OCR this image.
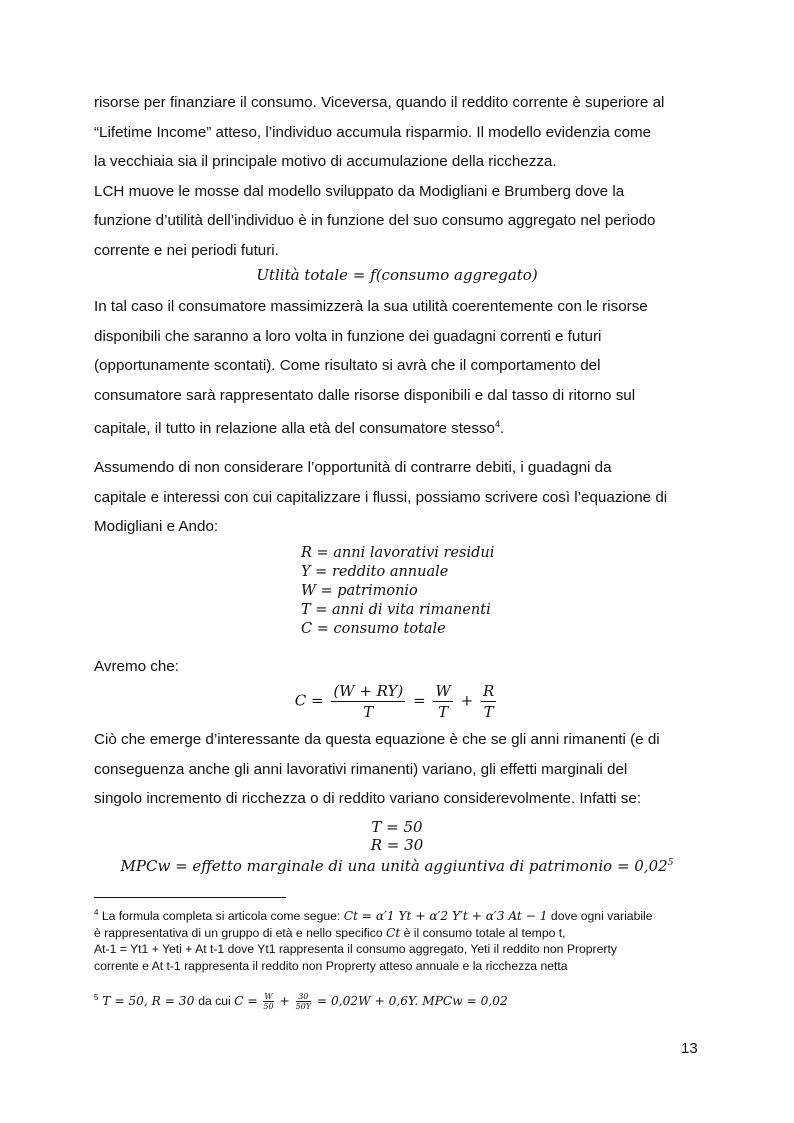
risorse per finanziare il consumo. Viceversa, quando il reddito corrente è superiore al

“Lifetime Income” atteso, l’individuo accumula risparmio. Il modello evidenzia come

la vecchiaia sia il principale motivo di accumulazione della ricchezza.

LCH muove le mosse dal modello sviluppato da Modigliani e Brumberg dove la

funzione d’utilità dell’individuo è in funzione del suo consumo aggregato nel periodo

corrente e nei periodi futuri.

Utlità totale = f(consumo aggregato)

In tal caso il consumatore massimizzerà la sua utilità coerentemente con le risorse

disponibili che saranno a loro volta in funzione dei guadagni correnti e futuri

(opportunamente scontati). Come risultato si avrà che il comportamento del

consumatore sarà rappresentato dalle risorse disponibili e dal tasso di ritorno sul

capitale, il tutto in relazione alla età del consumatore stesso$^4$.

Assumendo di non considerare l’opportunità di contrarre debiti, i guadagni da

capitale e interessi con cui capitalizzare i flussi, possiamo scrivere così l’equazione di

Modigliani e Ando:

R = anni lavorativi residui
Y = reddito annuale
W = patrimonio
T = anni di vita rimanenti
C = consumo totale

Avremo che:

$C = \frac{(W + RY)}{T} = \frac{W}{T} + \frac{R}{T}$

Ciò che emerge d’interessante da questa equazione è che se gli anni rimanenti (e di

conseguenza anche gli anni lavorativi rimanenti) variano, gli effetti marginali del

singolo incremento di ricchezza o di reddito variano considerevolmente. Infatti se:

T = 50
R = 30
MPCw = effetto marginale di una unità aggiuntiva di patrimonio = 0,02$^5$
$^4$ La formula completa si articola come segue: Ct = α′1 Yt + α′2 Y′t + α′3 At − 1 dove ogni variabile
è rappresentativa di un gruppo di età e nello specifico Ct è il consumo totale al tempo t,
At-1 = Yt1 + Yeti + At t-1 dove Yt1 rappresenta il consumo aggregato, Yeti il reddito non Proprerty
corrente e At t-1 rappresenta il reddito non Proprerty atteso annuale e la ricchezza netta
$^5$ T = 50, R = 30 da cui $C = \frac{W}{50} + \frac{30}{50Y} = 0,02W + 0,6Y$. MPCw = 0,02
13
